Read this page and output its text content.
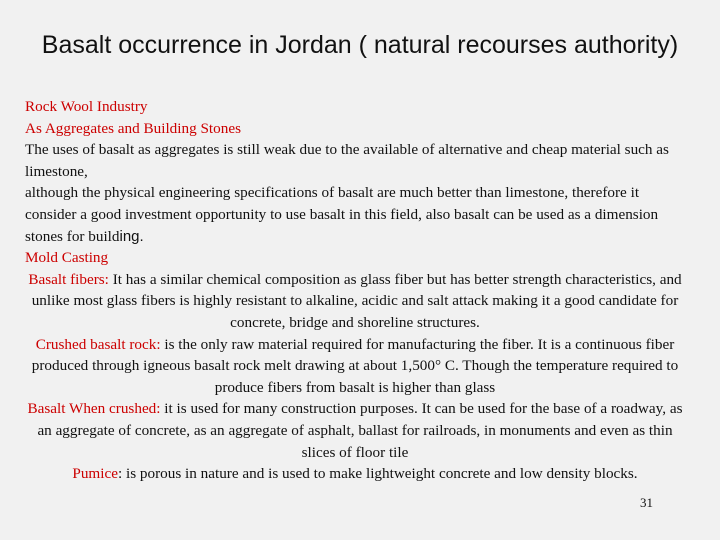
Basalt occurrence in Jordan ( natural recourses authority)
Rock Wool Industry
As Aggregates and Building Stones
The uses of basalt as aggregates is still weak due to the available of alternative and cheap material such as limestone,
although the physical engineering specifications of basalt are much better than limestone, therefore it consider a good investment opportunity to use basalt in this field, also basalt can be used as a dimension stones for building.
Mold Casting
Basalt fibers: It has a similar chemical composition as glass fiber but has better strength characteristics, and unlike most glass fibers is highly resistant to alkaline, acidic and salt attack making it a good candidate for concrete, bridge and shoreline structures.
Crushed basalt rock: is the only raw material required for manufacturing the fiber. It is a continuous fiber produced through igneous basalt rock melt drawing at about 1,500° C. Though the temperature required to produce fibers from basalt is higher than glass
Basalt When crushed: it is used for many construction purposes. It can be used for the base of a roadway, as an aggregate of concrete, as an aggregate of asphalt, ballast for railroads, in monuments and even as thin slices of floor tile
Pumice: is porous in nature and is used to make lightweight concrete and low density blocks.
31
